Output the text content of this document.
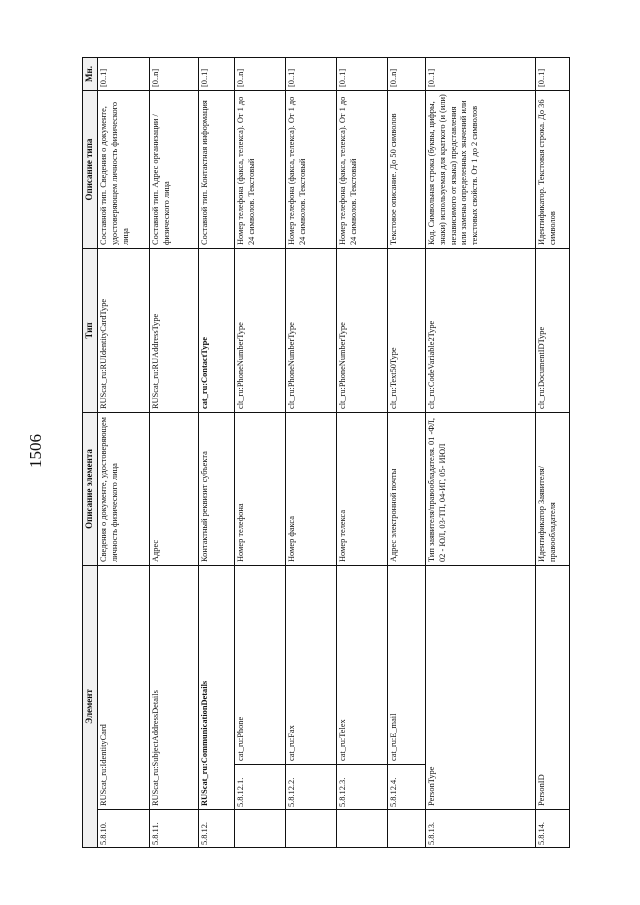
1506
Элемент			Описание элемента	Тип	Описание типа	Мн.
5.8.10.	RUScat_ru:IdentityCard		Сведения о документе, удостоверяющем личность физического лица	RUScat_ru:RUIdentityCardType	Составной тип. Сведения о документе, удостоверяющем личность физического лица	[0..1]
5.8.11.	RUScat_ru:SubjectAddressDetails		Адрес	RUScat_ru:RUAddressType	Составной тип. Адрес организации / физического лица	[0..n]
5.8.12.	RUScat_ru:CommunicationDetails		Контактный реквизит субъекта	cat_ru:ContactType	Составной тип. Контактная информация	[0..1]
	5.8.12.1.	cat_ru:Phone	Номер телефона	clt_ru:PhoneNumberType	Номер телефона (факса, телекса). От 1 до 24 символов. Текстовый	[0..n]
	5.8.12.2.	cat_ru:Fax	Номер факса	clt_ru:PhoneNumberType	Номер телефона (факса, телекса). От 1 до 24 символов. Текстовый	[0..1]
	5.8.12.3.	cat_ru:Telex	Номер телекса	clt_ru:PhoneNumberType	Номер телефона (факса, телекса). От 1 до 24 символов. Текстовый	[0..1]
	5.8.12.4.	cat_ru:E_mail	Адрес электронной почты	clt_ru:Text50Type	Текстовое описание. До 50 символов	[0..n]
5.8.13.	PersonType		Тип заявителя/правообладателя. 01 -ФЛ, 02 - ЮЛ, 03-ТП, 04-ИГ, 05- ИЮЛ	clt_ru:CodeVariable2Type	Код. Символьная строка (буквы, цифры, знаки) используемая для краткого (и (или) независимого от языка) представления или замены определенных значений или текстовых свойств. От 1 до 2 символов	[0..1]
5.8.14.	PersonID		Идентификатор Заявителя/правообладателя	clt_ru:DocumentIDType	Идентификатор. Текстовая строка. До 36 символов	[0..1]
